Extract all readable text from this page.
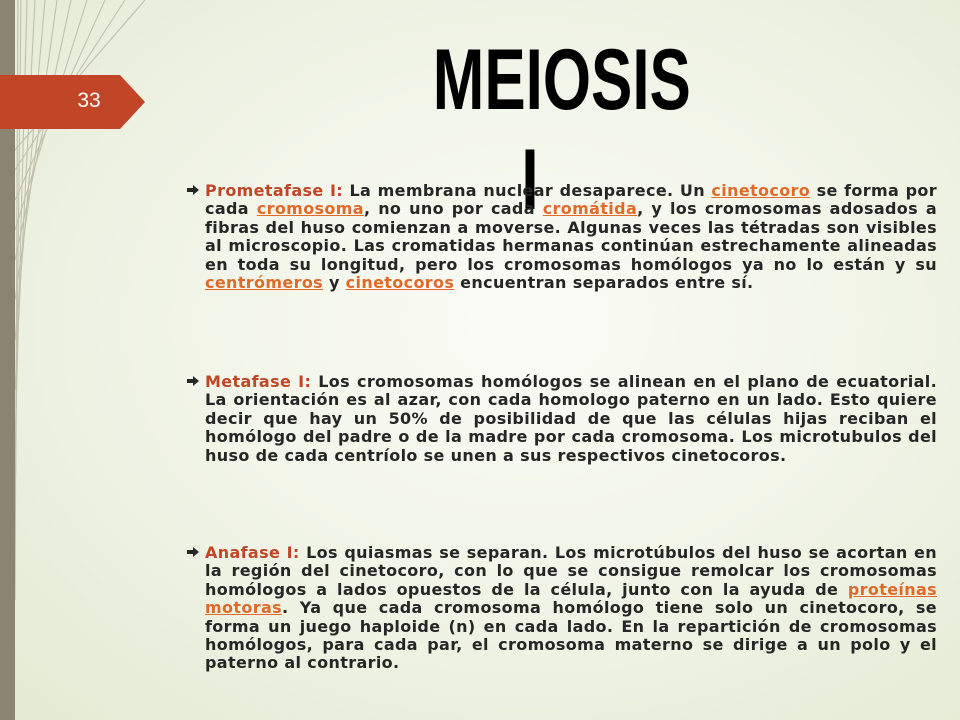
33	MEIOSIS I
Prometafase I: La membrana nuclear desaparece. Un cinetocoro se forma por cada cromosoma, no uno por cada cromátida, y los cromosomas adosados a fibras del huso comienzan a moverse. Algunas veces las tétradas son visibles al microscopio. Las cromatidas hermanas continúan estrechamente alineadas en toda su longitud, pero los cromosomas homólogos ya no lo están y su centrómeros y cinetocoros encuentran separados entre sí.
Metafase I: Los cromosomas homólogos se alinean en el plano de ecuatorial. La orientación es al azar, con cada homologo paterno en un lado. Esto quiere decir que hay un 50% de posibilidad de que las células hijas reciban el homólogo del padre o de la madre por cada cromosoma. Los microtubulos del huso de cada centríolo se unen a sus respectivos cinetocoros.
Anafase I: Los quiasmas se separan. Los microtúbulos del huso se acortan en la región del cinetocoro, con lo que se consigue remolcar los cromosomas homólogos a lados opuestos de la célula, junto con la ayuda de proteínas motoras. Ya que cada cromosoma homólogo tiene solo un cinetocoro, se forma un juego haploide (n) en cada lado. En la repartición de cromosomas homólogos, para cada par, el cromosoma materno se dirige a un polo y el paterno al contrario.
